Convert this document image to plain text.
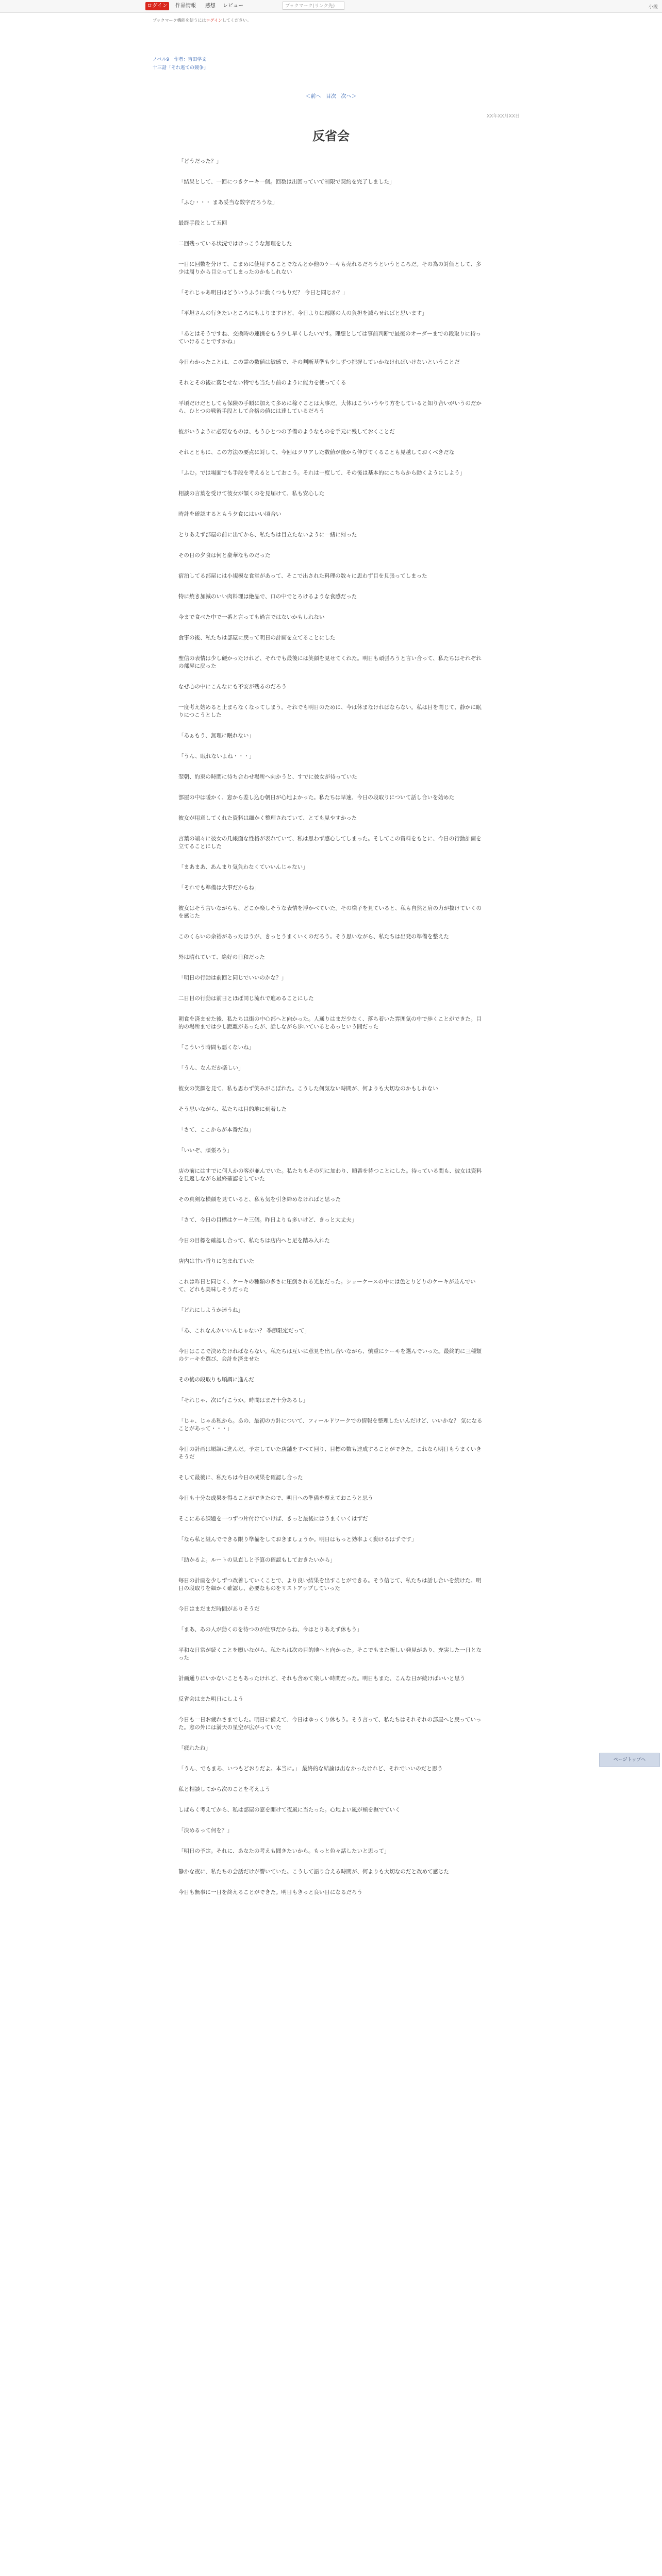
ログイン	作品情報 感想 レビュー	ブックマーク(リンク先)	小説
ブックマーク機能を使うにはログインしてください。
ノベル9　作者：吉田学文
十三話「それ逃ての競争」
＜前へ 目次 次へ＞
XX年XX月XX日
反省会

「どうだった？」

「結果として、一回につきケーキ一個。回数は出回っていて制限で契約を完了しました」

「ふむ・・・ まあ妥当な数字だろうな」

最終手段として五回

二回残っている状況ではけっこうな無理をした

一日に回数を分けて、こまめに使用することでなんとか他のケーキも売れるだろうというところだ。その為の対価として、多少は周りから目立ってしまったのかもしれない

「それじゃあ明日はどういうふうに動くつもりだ？ 今日と同じか？」

「平坦さんの行きたいところにもよりますけど、今日よりは部隊の人の負担を減らせればと思います」

「あとはそうですね、交換時の連携をもう少し早くしたいです。理想としては事前判断で最後のオーダーまでの段取りに持っていけることですかね」

今日わかったことは、この霊の数値は敏感で、その判断基準も少しずつ把握していかなければいけないということだ

それとその後に落とせない特でも当たり前のように能力を使ってくる

平頃だけだとしても保険の手順に加えて多めに稼ぐことは大事だ。大体はこういうやり方をしていると知り合いがいうのだから、ひとつの戦術手段として合格の値には達しているだろう

彼がいうように必要なものは、もうひとつの予備のようなものを手元に残しておくことだ

それとともに、この方法の要点に対して、今回はクリアした数値が後から伸びてくることも見越しておくべきだな

「ふむ。では場面でも手段を考えるとしておこう。それは一度して、その後は基本的にこちらから動くようにしよう」

相談の言葉を受けて彼女が頷くのを見届けて、私も安心した

時計を確認するともう夕食にはいい頃合い

とりあえず部屋の前に出てから、私たちは目立たないように一緒に帰った

その日の夕食は何と豪華なものだった

宿泊してる部屋には小規模な食堂があって、そこで出された料理の数々に思わず目を見張ってしまった

特に焼き加減のいい肉料理は絶品で、口の中でとろけるような食感だった

今まで食べた中で一番と言っても過言ではないかもしれない

食事の後、私たちは部屋に戻って明日の計画を立てることにした

聖信の表情は少し硬かったけれど、それでも最後には笑顔を見せてくれた。明日も頑張ろうと言い合って、私たちはそれぞれの部屋に戻った

なぜ心の中にこんなにも不安が残るのだろう

一度考え始めると止まらなくなってしまう。それでも明日のために、今は休まなければならない。私は目を閉じて、静かに眠りにつこうとした

「あぁもう、無理に眠れない」

「うん、眠れないよね・・・」

翌朝、約束の時間に待ち合わせ場所へ向かうと、すでに彼女が待っていた

部屋の中は暖かく、窓から差し込む朝日が心地よかった。私たちは早速、今日の段取りについて話し合いを始めた

彼女が用意してくれた資料は細かく整理されていて、とても見やすかった

言葉の端々に彼女の几帳面な性格が表れていて、私は思わず感心してしまった。そしてこの資料をもとに、今日の行動計画を立てることにした

「まあまあ、あんまり気負わなくていいんじゃない」

「それでも準備は大事だからね」

彼女はそう言いながらも、どこか楽しそうな表情を浮かべていた。その様子を見ていると、私も自然と肩の力が抜けていくのを感じた

このくらいの余裕があったほうが、きっとうまくいくのだろう。そう思いながら、私たちは出発の準備を整えた

外は晴れていて、絶好の日和だった

「明日の行動は前回と同じでいいのかな？」

二日目の行動は前日とほぼ同じ流れで進めることにした

朝食を済ませた後、私たちは街の中心部へと向かった。人通りはまだ少なく、落ち着いた雰囲気の中で歩くことができた。目的の場所までは少し距離があったが、話しながら歩いているとあっという間だった

「こういう時間も悪くないね」

「うん、なんだか楽しい」

彼女の笑顔を見て、私も思わず笑みがこぼれた。こうした何気ない時間が、何よりも大切なのかもしれない

そう思いながら、私たちは目的地に到着した

「さて、ここからが本番だね」

「いいぞ、頑張ろう」

店の前にはすでに何人かの客が並んでいた。私たちもその列に加わり、順番を待つことにした。待っている間も、彼女は資料を見返しながら最終確認をしていた

その真剣な横顔を見ていると、私も気を引き締めなければと思った

「さて、今日の目標はケーキ三個。昨日よりも多いけど、きっと大丈夫」

今日の目標を確認し合って、私たちは店内へと足を踏み入れた

店内は甘い香りに包まれていた

これは昨日と同じく、ケーキの種類の多さに圧倒される光景だった。ショーケースの中には色とりどりのケーキが並んでいて、どれも美味しそうだった

「どれにしようか迷うね」

「あ、これなんかいいんじゃない？ 季節限定だって」

今日はここで決めなければならない。私たちは互いに意見を出し合いながら、慎重にケーキを選んでいった。最終的に三種類のケーキを選び、会計を済ませた

その後の段取りも順調に進んだ

「それじゃ、次に行こうか。時間はまだ十分あるし」

「じゃ、じゃあ私から。あの、最初の方針について、フィールドワークでの情報を整理したいんだけど、いいかな？ 気になることがあって・・・」

今日の計画は順調に進んだ。予定していた店舗をすべて回り、目標の数も達成することができた。これなら明日もうまくいきそうだ

そして最後に、私たちは今日の成果を確認し合った

今日も十分な成果を得ることができたので、明日への準備を整えておこうと思う

そこにある課題を一つずつ片付けていけば、きっと最後にはうまくいくはずだ

「なら私と組んでできる限り準備をしておきましょうか。明日はもっと効率よく動けるはずです」

「助かるよ。ルートの見直しと予算の確認もしておきたいから」

毎日の計画を少しずつ改善していくことで、より良い結果を出すことができる。そう信じて、私たちは話し合いを続けた。明日の段取りを細かく確認し、必要なものをリストアップしていった

今日はまだまだ時間がありそうだ

「まあ、あの人が動くのを待つのが仕事だからね、今はとりあえず休もう」

平和な日常が続くことを願いながら、私たちは次の目的地へと向かった。そこでもまた新しい発見があり、充実した一日となった

計画通りにいかないこともあったけれど、それも含めて楽しい時間だった。明日もまた、こんな日が続けばいいと思う

反省会はまた明日にしよう

今日も一日お疲れさまでした。明日に備えて、今日はゆっくり休もう。そう言って、私たちはそれぞれの部屋へと戻っていった。窓の外には満天の星空が広がっていた

「疲れたね」

「うん、でもまあ、いつもどおりだよ。本当に。」 最終的な結論は出なかったけれど、それでいいのだと思う

私と相談してから次のことを考えよう

しばらく考えてから、私は部屋の窓を開けて夜風に当たった。心地よい風が頬を撫でていく

「決めるって何を？」

「明日の予定。それに、あなたの考えも聞きたいから。もっと色々話したいと思って」

静かな夜に、私たちの会話だけが響いていた。こうして語り合える時間が、何よりも大切なのだと改めて感じた

今日も無事に一日を終えることができた。明日もきっと良い日になるだろう

ページトップへ
